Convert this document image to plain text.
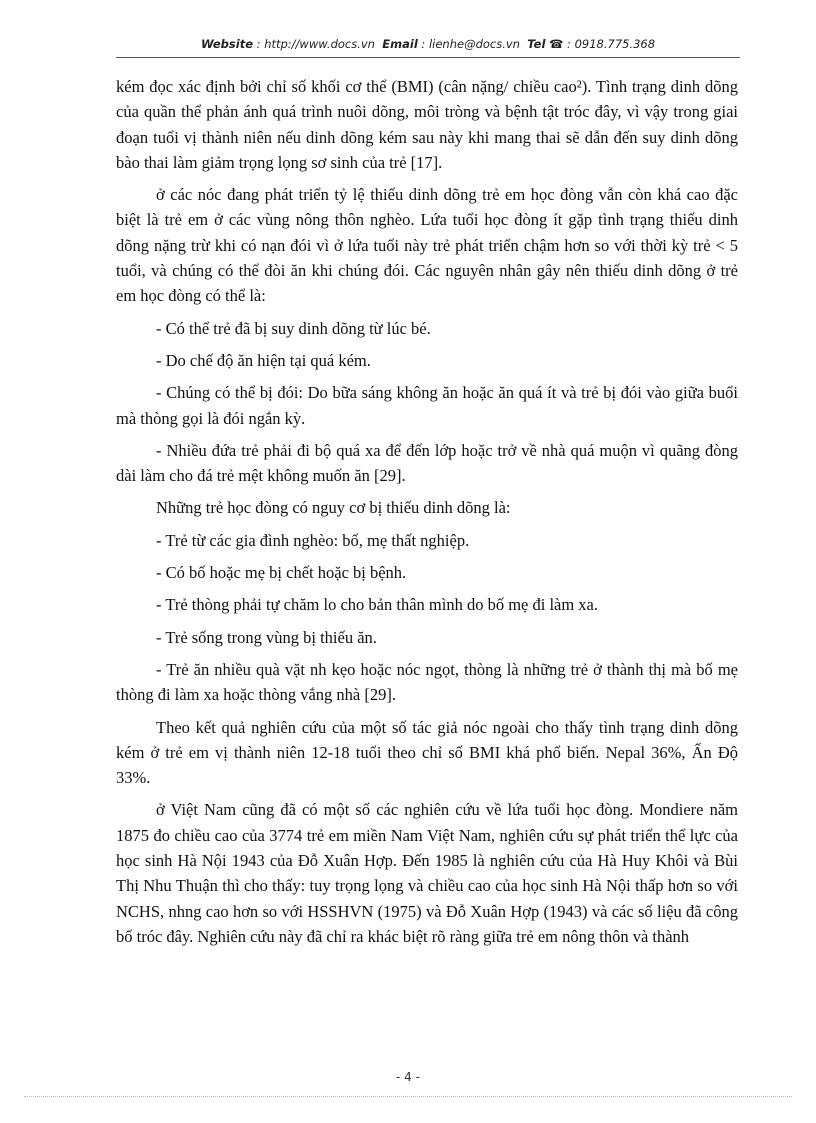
Website : http://www.docs.vn Email : lienhe@docs.vn Tel ☎ : 0918.775.368

kém đọc xác định bởi chỉ số khối cơ thể (BMI) (cân nặng/ chiều cao²). Tình trạng dinh dõng của quần thể phản ánh quá trình nuôi dõng, môi tròng và bệnh tật tróc đây, vì vậy trong giai đoạn tuổi vị thành niên nếu dinh dõng kém sau này khi mang thai sẽ dẫn đến suy dinh dõng bào thai làm giảm trọng lọng sơ sinh của trẻ [17].

ở các nóc đang phát triển tỷ lệ thiếu dinh dõng trẻ em học đòng vẫn còn khá cao đặc biệt là trẻ em ở các vùng nông thôn nghèo. Lứa tuổi học đòng ít gặp tình trạng thiếu dinh dõng nặng trừ khi có nạn đói vì ở lứa tuổi này trẻ phát triển chậm hơn so với thời kỳ trẻ < 5 tuổi, và chúng có thể đòi ăn khi chúng đói. Các nguyên nhân gây nên thiếu dinh dõng ở trẻ em học đòng có thể là:

- Có thể trẻ đã bị suy dinh dõng từ lúc bé.

- Do chế độ ăn hiện tại quá kém.

- Chúng có thể bị đói: Do bữa sáng không ăn hoặc ăn quá ít và trẻ bị đói vào giữa buổi mà thòng gọi là đói ngắn kỳ.

- Nhiều đứa trẻ phải đi bộ quá xa để đến lớp hoặc trở về nhà quá muộn vì quãng đòng dài làm cho đá trẻ mệt không muốn ăn [29].

Những trẻ học đòng có nguy cơ bị thiếu dinh dõng là:

- Trẻ từ các gia đình nghèo: bố, mẹ thất nghiệp.

- Có bố hoặc mẹ bị chết hoặc bị bệnh.

- Trẻ thòng phải tự chăm lo cho bản thân mình do bố mẹ đi làm xa.

- Trẻ sống trong vùng bị thiếu ăn.

- Trẻ ăn nhiều quà vặt nh kẹo hoặc nóc ngọt, thòng là những trẻ ở thành thị mà bố mẹ thòng đi làm xa hoặc thòng vắng nhà [29].

Theo kết quả nghiên cứu của một số tác giả nóc ngoài cho thấy tình trạng dinh dõng kém ở trẻ em vị thành niên 12-18 tuổi theo chỉ số BMI khá phổ biến. Nepal 36%, Ấn Độ 33%.

ở Việt Nam cũng đã có một số các nghiên cứu về lứa tuổi học đòng. Mondiere năm 1875 đo chiều cao của 3774 trẻ em miền Nam Việt Nam, nghiên cứu sự phát triển thể lực của học sinh Hà Nội 1943 của Đỗ Xuân Hợp. Đến 1985 là nghiên cứu của Hà Huy Khôi và Bùi Thị Nhu Thuận thì cho thấy: tuy trọng lọng và chiều cao của học sinh Hà Nội thấp hơn so với NCHS, nhng cao hơn so với HSSHVN (1975) và Đỗ Xuân Hợp (1943) và các số liệu đã công bố tróc đây. Nghiên cứu này đã chỉ ra khác biệt rõ ràng giữa trẻ em nông thôn và thành

- 4 -
